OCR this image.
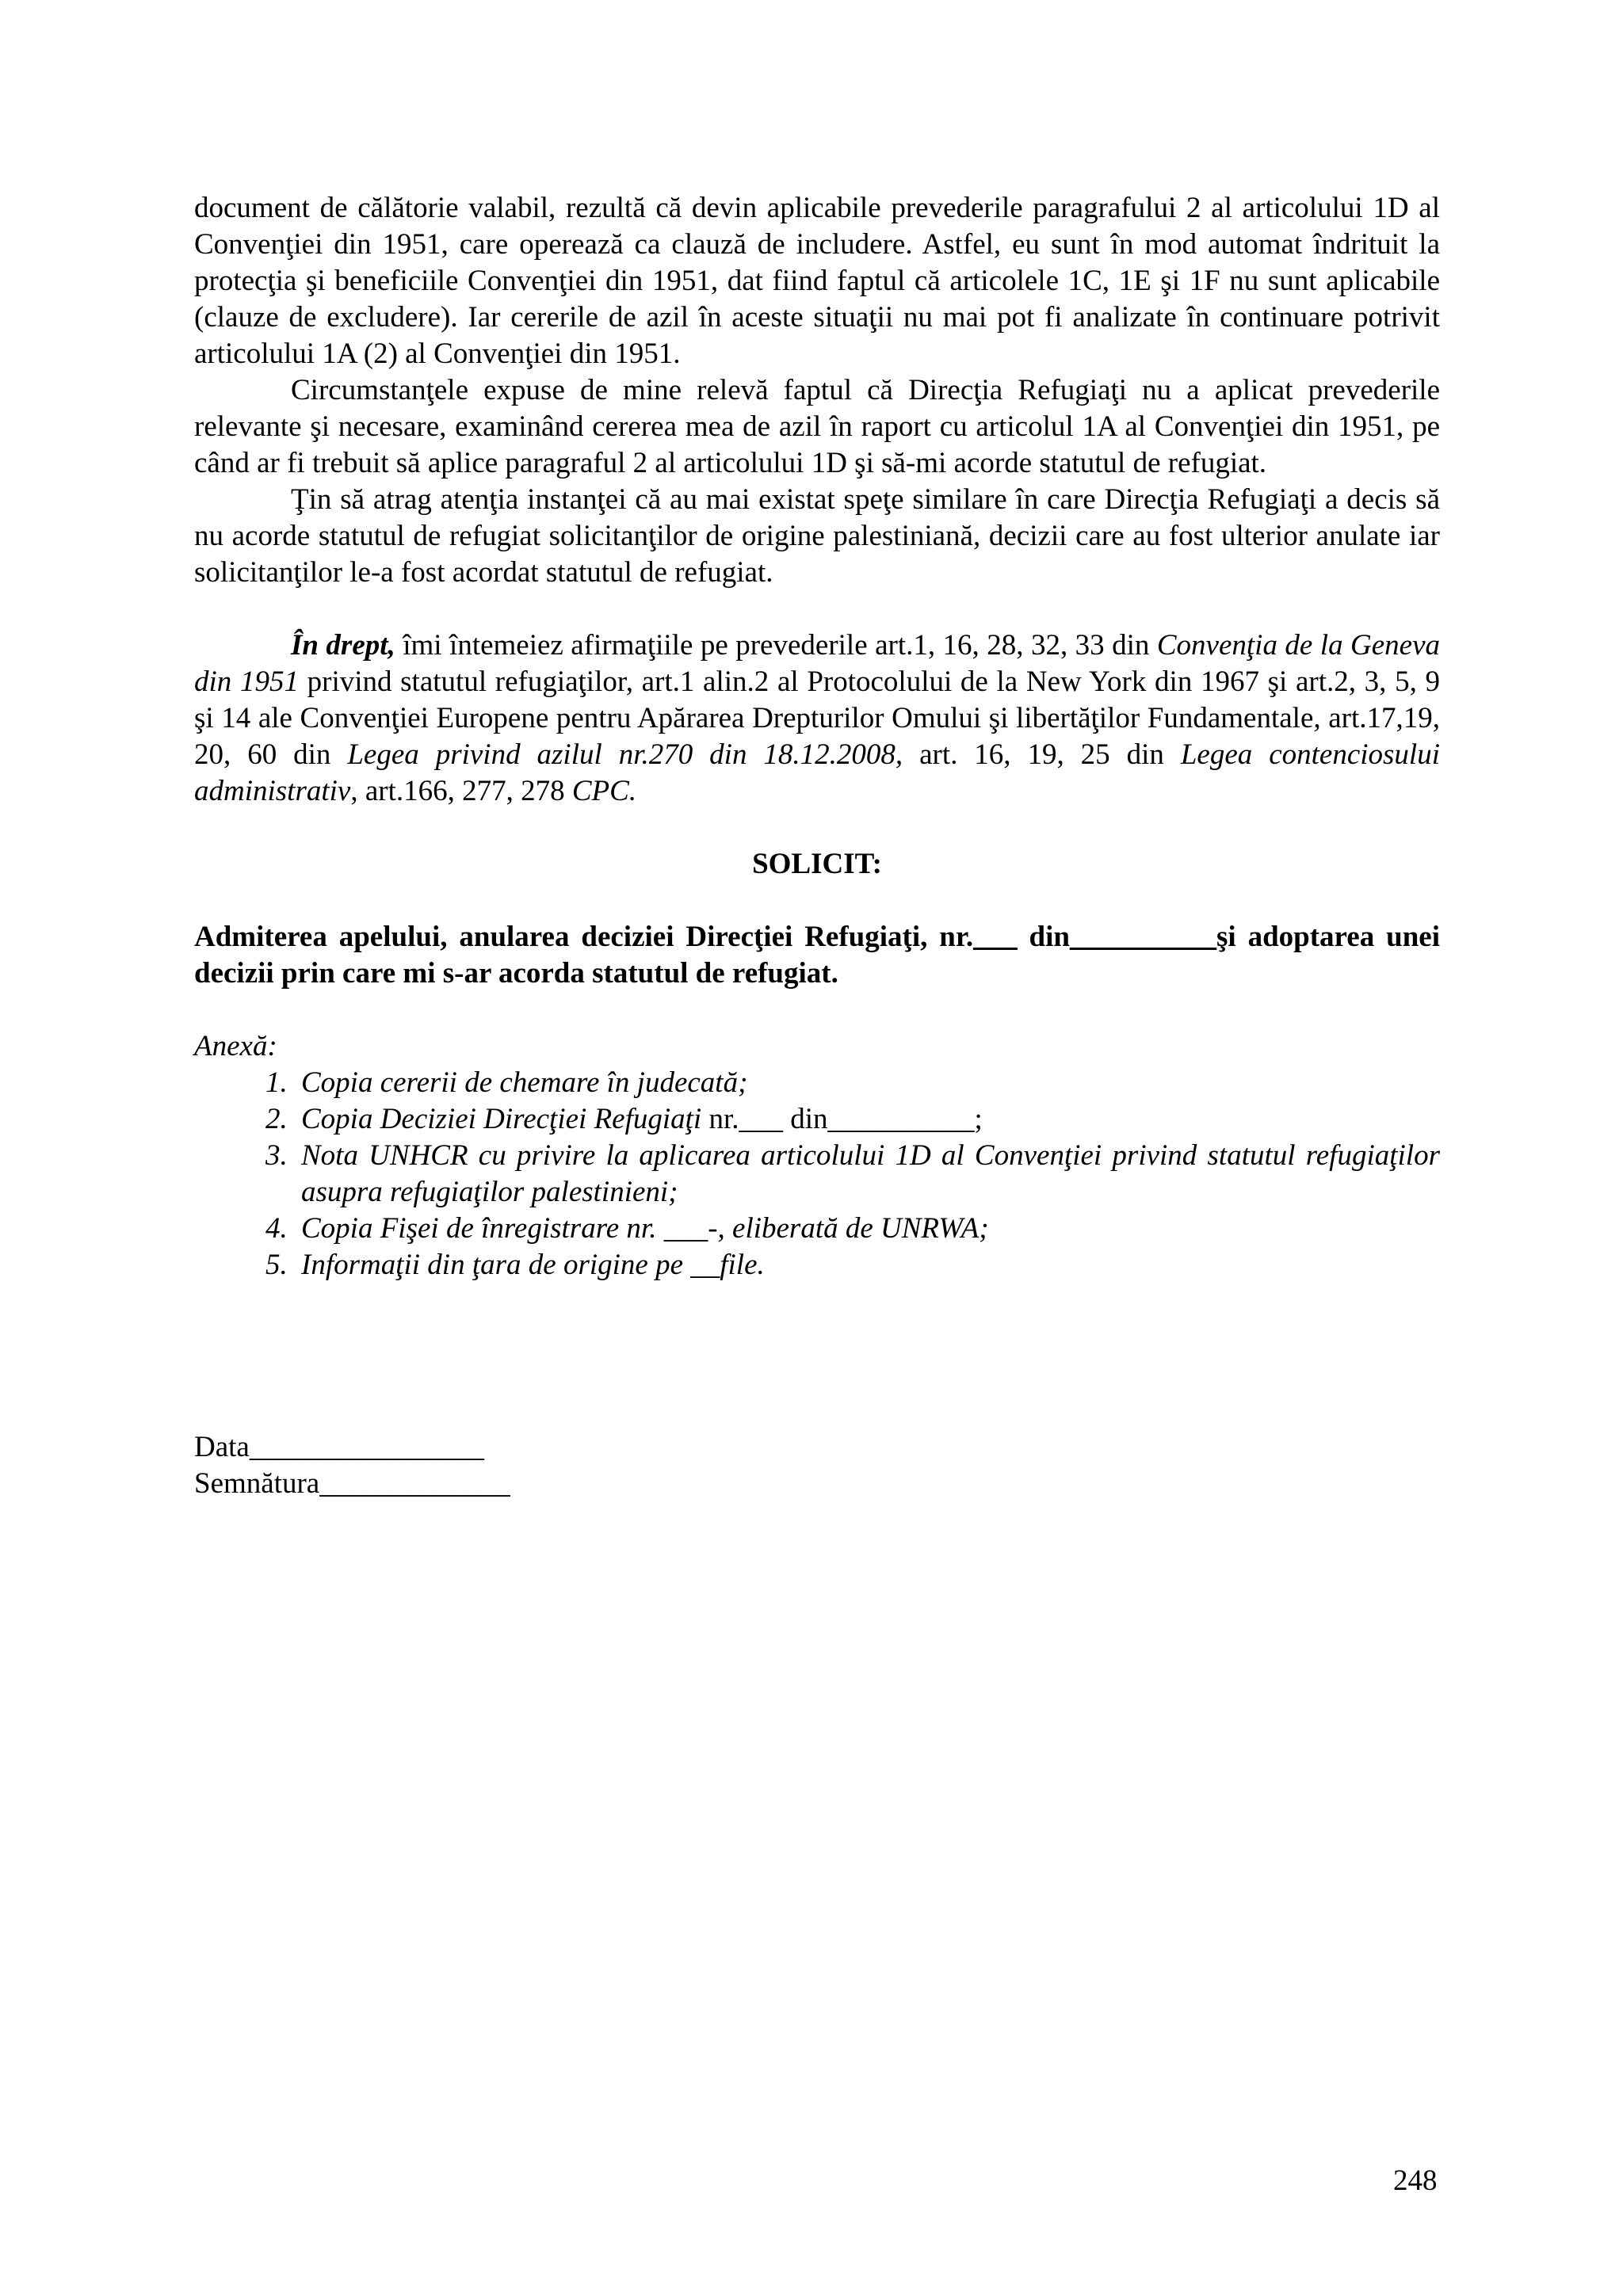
document de călătorie valabil, rezultă că devin aplicabile prevederile paragrafului 2 al articolului 1D al Convenţiei din 1951, care operează ca clauză de includere. Astfel, eu sunt în mod automat îndrituit la protecţia şi beneficiile Convenţiei din 1951, dat fiind faptul că articolele 1C, 1E şi 1F nu sunt aplicabile (clauze de excludere). Iar cererile de azil în aceste situaţii nu mai pot fi analizate în continuare potrivit articolului 1A (2) al Convenţiei din 1951.

Circumstanţele expuse de mine relevă faptul că Direcţia Refugiaţi nu a aplicat prevederile relevante şi necesare, examinând cererea mea de azil în raport cu articolul 1A al Convenţiei din 1951, pe când ar fi trebuit să aplice paragraful 2 al articolului 1D şi să-mi acorde statutul de refugiat.

Ţin să atrag atenţia instanţei că au mai existat speţe similare în care Direcţia Refugiaţi a decis să nu acorde statutul de refugiat solicitanţilor de origine palestiniană, decizii care au fost ulterior anulate iar solicitanţilor le-a fost acordat statutul de refugiat.

În drept, îmi întemeiez afirmaţiile pe prevederile art.1, 16, 28, 32, 33 din Convenţia de la Geneva din 1951 privind statutul refugiaţilor, art.1 alin.2 al Protocolului de la New York din 1967 şi art.2, 3, 5, 9 şi 14 ale Convenţiei Europene pentru Apărarea Drepturilor Omului şi libertăţilor Fundamentale, art.17,19, 20, 60 din Legea privind azilul nr.270 din 18.12.2008, art. 16, 19, 25 din Legea contenciosului administrativ, art.166, 277, 278 CPC.

SOLICIT:

Admiterea apelului, anularea deciziei Direcţiei Refugiaţi, nr.___ din__________şi adoptarea unei decizii prin care mi s-ar acorda statutul de refugiat.

Anexă:

1. Copia cererii de chemare în judecată;
2. Copia Deciziei Direcţiei Refugiaţi nr.___ din__________;
3. Nota UNHCR cu privire la aplicarea articolului 1D al Convenţiei privind statutul refugiaţilor asupra refugiaţilor palestinieni;
4. Copia Fişei de înregistrare nr. ___-, eliberată de UNRWA;
5. Informaţii din ţara de origine pe __file.

Data________________

Semnătura_____________

248
